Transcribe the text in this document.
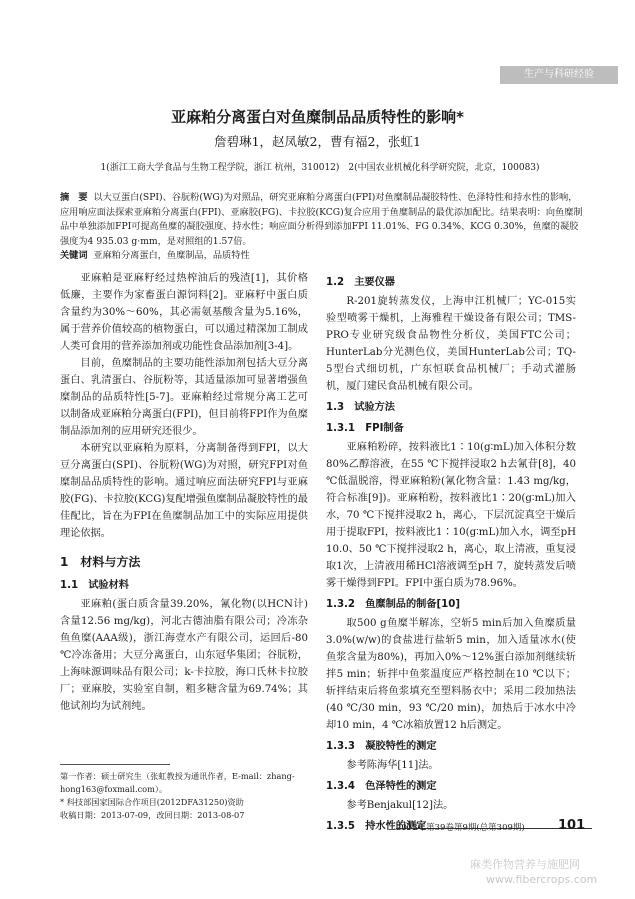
生产与科研经验
亚麻粕分离蛋白对鱼糜制品品质特性的影响*
詹碧琳1，赵凤敏2，曹有福2，张虹1
1(浙江工商大学食品与生物工程学院，浙江 杭州，310012)　2(中国农业机械化科学研究院，北京，100083)
摘　要 以大豆蛋白(SPI)、谷朊粉(WG)为对照品，研究亚麻粕分离蛋白(FPI)对鱼糜制品凝胶特性、色泽特性和持水性的影响，应用响应面法探索亚麻粕分离蛋白(FPI)、亚麻胶(FG)、卡拉胶(KCG)复合应用于鱼糜制品的最优添加配比。结果表明：向鱼糜制品中单独添加FPI可提高鱼糜的凝胶强度、持水性；响应面分析得到添加FPI 11.01%、FG 0.34%、KCG 0.30%，鱼糜的凝胶强度为4 935.03 g·mm，是对照组的1.57倍。
关键词 亚麻粕分离蛋白，鱼糜制品，品质特性

亚麻粕是亚麻籽经过热榨油后的残渣[1]，其价格低廉，主要作为家畜蛋白源饲料[2]。亚麻籽中蛋白质含量约为30%～60%，其必需氨基酸含量为5.16%，属于营养价值较高的植物蛋白，可以通过精深加工制成人类可食用的营养添加剂或功能性食品添加剂[3-4]。

目前，鱼糜制品的主要功能性添加剂包括大豆分离蛋白、乳清蛋白、谷朊粉等，其适量添加可显著增强鱼糜制品的品质特性[5-7]。亚麻粕经过常规分离工艺可以制备成亚麻粕分离蛋白(FPI)，但目前将FPI作为鱼糜制品添加剂的应用研究还很少。

本研究以亚麻粕为原料，分离制备得到FPI，以大豆分离蛋白(SPI)、谷朊粉(WG)为对照，研究FPI对鱼糜制品品质特性的影响。通过响应面法研究FPI与亚麻胶(FG)、卡拉胶(KCG)复配增强鱼糜制品凝胶特性的最佳配比，旨在为FPI在鱼糜制品加工中的实际应用提供理论依据。

1　材料与方法
1.1　试验材料

亚麻粕(蛋白质含量39.20%，氰化物(以HCN计)含量12.56 mg/kg)，河北古德油脂有限公司；冷冻杂鱼鱼糜(AAA级)，浙江海壹水产有限公司，运回后-80 ℃冷冻备用；大豆分离蛋白，山东冠华集团；谷朊粉，上海味源调味品有限公司；k-卡拉胶，海口氏林卡拉胶厂；亚麻胶，实验室自制，粗多糖含量为69.74%；其他试剂均为试剂纯。

第一作者：硕士研究生（张虹教授为通讯作者，E-mail：zhang-hong163@foxmail.com）。
* 科技部国家国际合作项目(2012DFA31250)资助
收稿日期：2013-07-09，改回日期：2013-08-07
1.2　主要仪器

R-201旋转蒸发仪，上海申江机械厂；YC-015实验型喷雾干燥机，上海雅程干燥设备有限公司；TMS-PRO专业研究级食品物性分析仪，美国FTC公司；HunterLab分光测色仪，美国HunterLab公司；TQ-5型台式细切机，广东恒联食品机械厂；手动式灌肠机，厦门建民食品机械有限公司。

1.3　试验方法
1.3.1　FPI制备

亚麻粕粉碎，按料液比1∶10(g∶mL)加入体积分数80%乙醇溶液，在55 ℃下搅拌浸取2 h去氰苷[8]，40 ℃低温脱溶，得亚麻粕粉(氰化物含量：1.43 mg/kg，符合标准[9])。亚麻粕粉，按料液比1∶20(g∶mL)加入水，70 ℃下搅拌浸取2 h，离心，下层沉淀真空干燥后用于提取FPI，按料液比1∶10(g∶mL)加入水，调至pH 10.0、50 ℃下搅拌浸取2 h，离心，取上清液，重复浸取1次，上清液用稀HCl溶液调至pH 7，旋转蒸发后喷雾干燥得到FPI。FPI中蛋白质为78.96%。

1.3.2　鱼糜制品的制备[10]

取500 g鱼糜半解冻，空斩5 min后加入鱼糜质量3.0%(w/w)的食盐进行盐斩5 min，加入适量冰水(使鱼浆含量为80%)，再加入0%～12%蛋白添加剂继续斩拌5 min；斩拌中鱼浆温度应严格控制在10 ℃以下；斩拌结束后将鱼浆填充至塑料肠衣中；采用二段加热法(40 ℃/30 min，93 ℃/20 min)，加热后于冰水中冷却10 min，4 ℃冰箱放置12 h后测定。

1.3.3　凝胶特性的测定

参考陈海华[11]法。

1.3.4　色泽特性的测定

参考Benjakul[12]法。

1.3.5　持水性的测定
2013年第39卷第9期(总第309期)	101
麻类作物营养与施肥网
www.fibercrops.com
